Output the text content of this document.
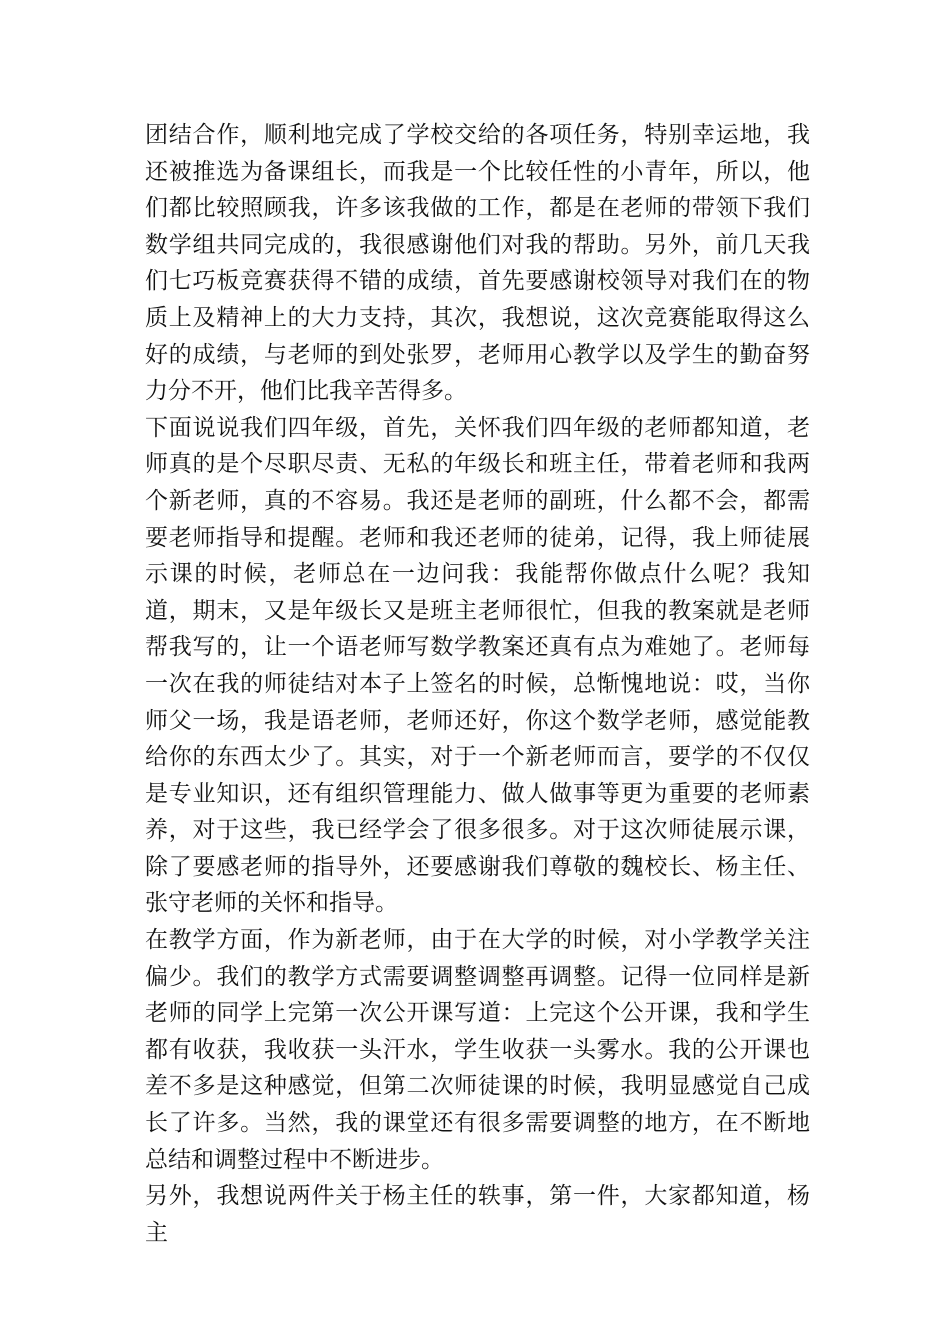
团结合作，顺利地完成了学校交给的各项任务，特别幸运地，我还被推选为备课组长，而我是一个比较任性的小青年，所以，他们都比较照顾我，许多该我做的工作，都是在老师的带领下我们数学组共同完成的，我很感谢他们对我的帮助。另外，前几天我们七巧板竞赛获得不错的成绩，首先要感谢校领导对我们在的物质上及精神上的大力支持，其次，我想说，这次竞赛能取得这么好的成绩，与老师的到处张罗，老师用心教学以及学生的勤奋努力分不开，他们比我辛苦得多。

下面说说我们四年级，首先，关怀我们四年级的老师都知道，老师真的是个尽职尽责、无私的年级长和班主任，带着老师和我两个新老师，真的不容易。我还是老师的副班，什么都不会，都需要老师指导和提醒。老师和我还老师的徒弟，记得，我上师徒展示课的时候，老师总在一边问我：我能帮你做点什么呢？我知道，期末，又是年级长又是班主老师很忙，但我的教案就是老师帮我写的，让一个语老师写数学教案还真有点为难她了。老师每一次在我的师徒结对本子上签名的时候，总惭愧地说：哎，当你师父一场，我是语老师，老师还好，你这个数学老师，感觉能教给你的东西太少了。其实，对于一个新老师而言，要学的不仅仅是专业知识，还有组织管理能力、做人做事等更为重要的老师素养，对于这些，我已经学会了很多很多。对于这次师徒展示课，除了要感老师的指导外，还要感谢我们尊敬的魏校长、杨主任、张守老师的关怀和指导。

在教学方面，作为新老师，由于在大学的时候，对小学教学关注偏少。我们的教学方式需要调整调整再调整。记得一位同样是新老师的同学上完第一次公开课写道：上完这个公开课，我和学生都有收获，我收获一头汗水，学生收获一头雾水。我的公开课也差不多是这种感觉，但第二次师徒课的时候，我明显感觉自己成长了许多。当然，我的课堂还有很多需要调整的地方，在不断地总结和调整过程中不断进步。

另外，我想说两件关于杨主任的轶事，第一件，大家都知道，杨主
